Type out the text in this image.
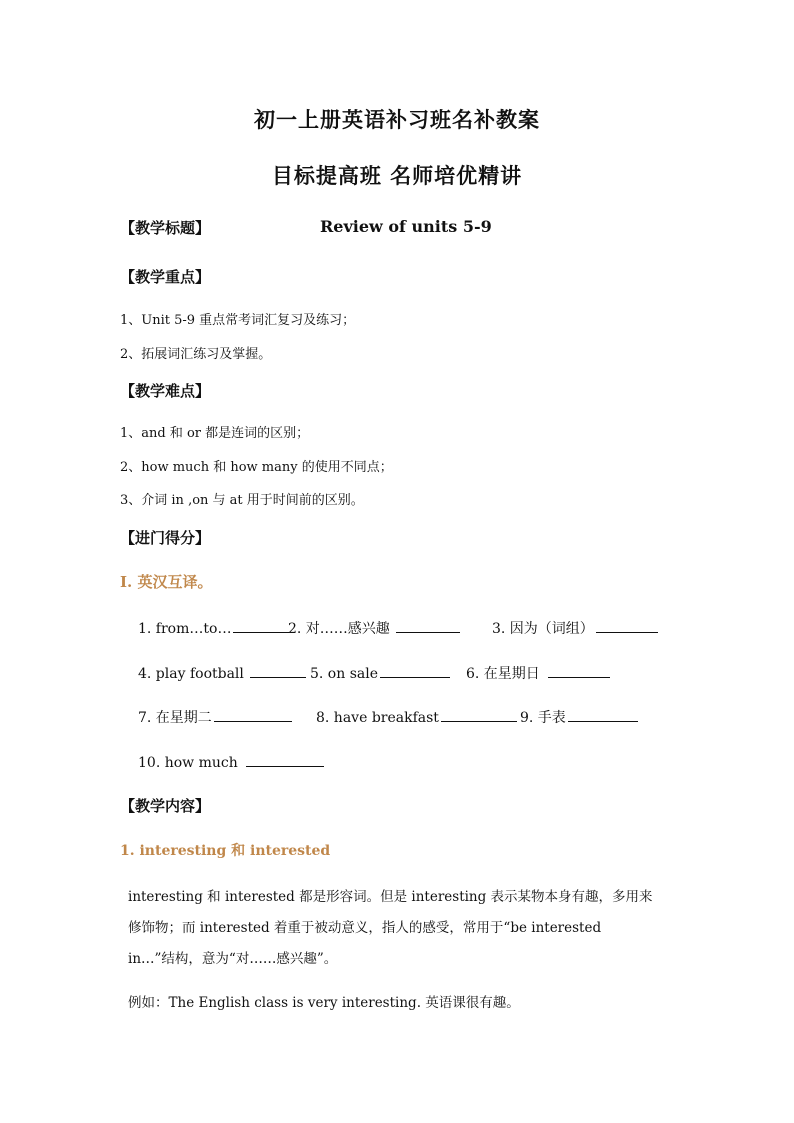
初一上册英语补习班名补教案
目标提高班 名师培优精讲
【教学标题】	Review of units 5-9
【教学重点】
1、Unit 5-9 重点常考词汇复习及练习；
2、拓展词汇练习及掌握。
【教学难点】
1、and 和 or 都是连词的区别；
2、how much 和 how many 的使用不同点；
3、介词 in ,on 与 at 用于时间前的区别。
【进门得分】
I. 英汉互译。
1. from…to…	2. 对……感兴趣	3. 因为（词组）
4. play football	5. on sale	6. 在星期日
7. 在星期二	8. have breakfast	9. 手表
10. how much
【教学内容】
1. interesting 和 interested
interesting 和 interested 都是形容词。但是 interesting 表示某物本身有趣，多用来
修饰物；而 interested 着重于被动意义，指人的感受，常用于“be interested
in…”结构，意为“对……感兴趣”。
例如：The English class is very interesting. 英语课很有趣。
